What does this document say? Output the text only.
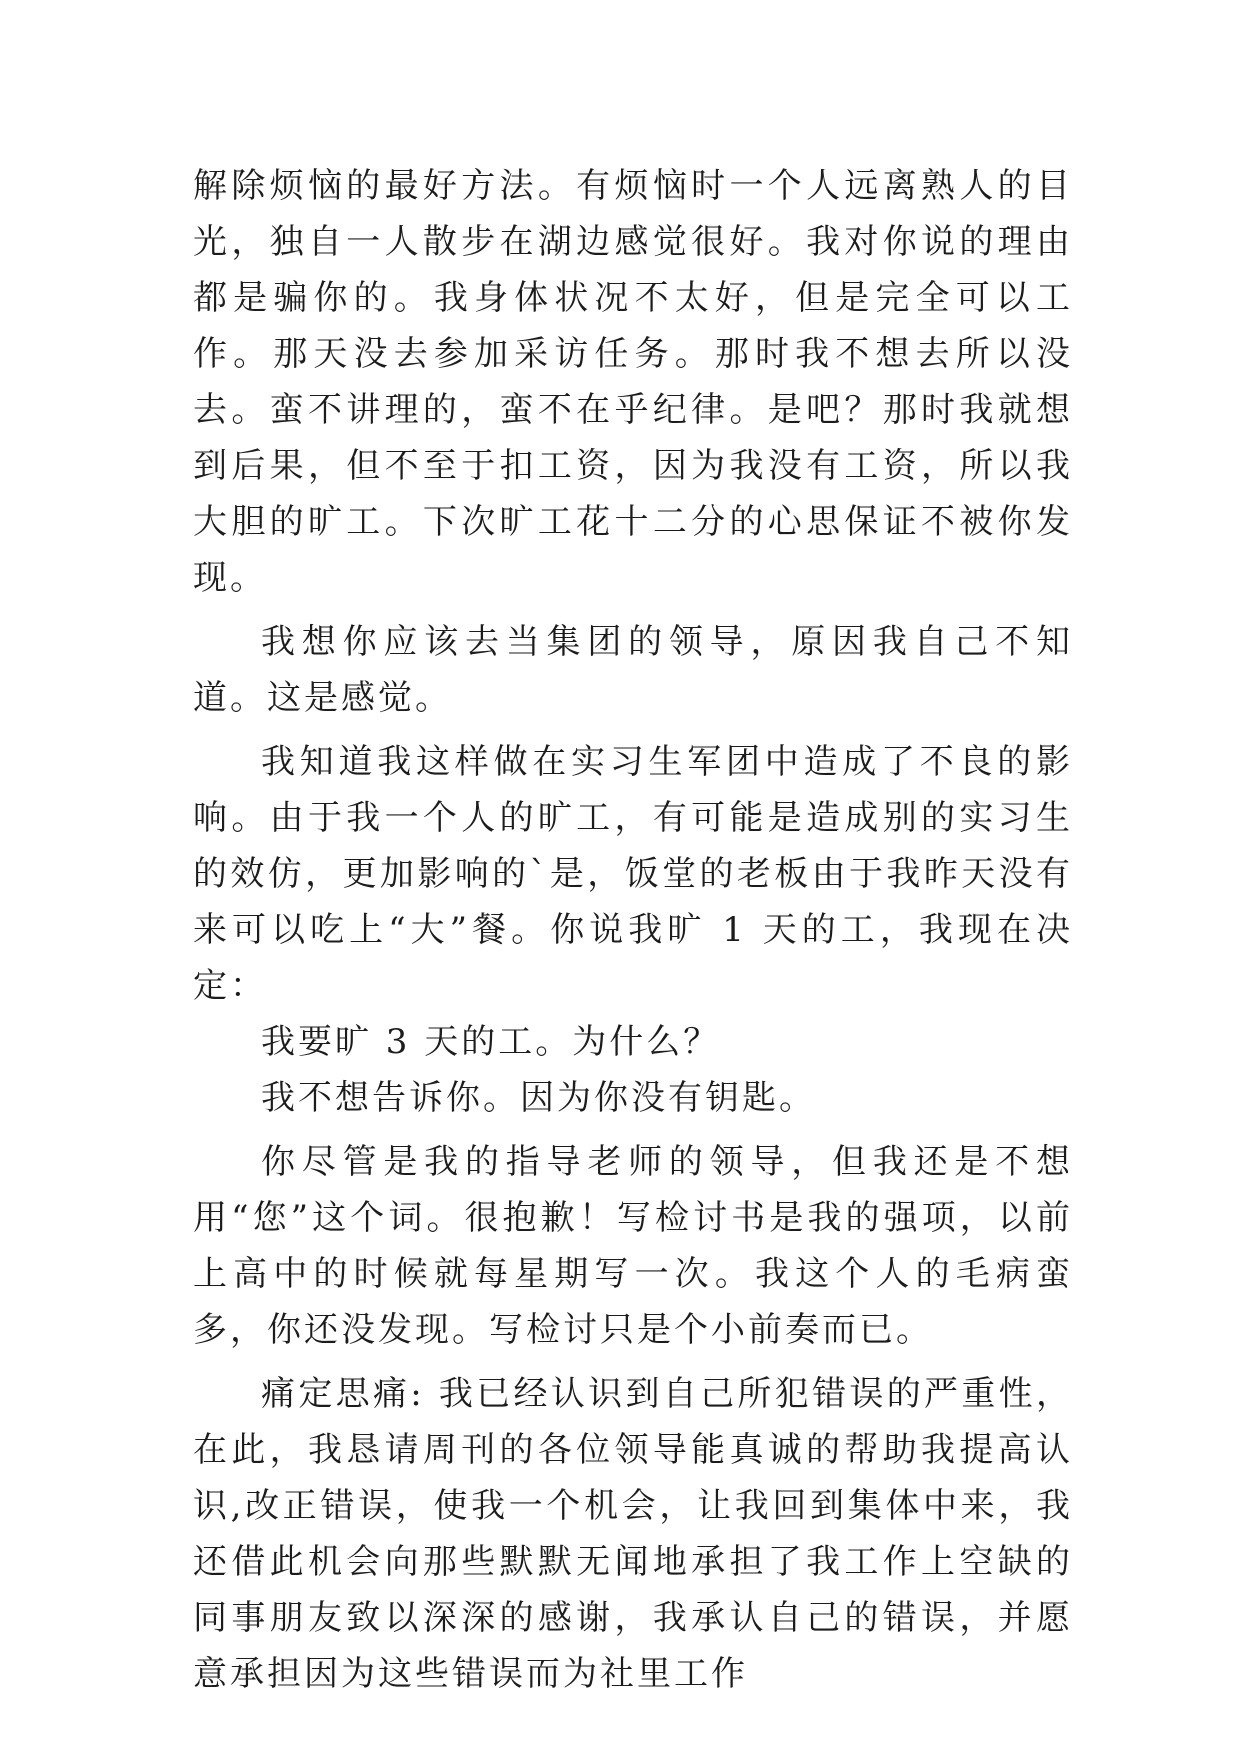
解除烦恼的最好方法。有烦恼时一个人远离熟人的目光，独自一人散步在湖边感觉很好。我对你说的理由都是骗你的。我身体状况不太好，但是完全可以工作。那天没去参加采访任务。那时我不想去所以没去。蛮不讲理的，蛮不在乎纪律。是吧？那时我就想到后果，但不至于扣工资，因为我没有工资，所以我大胆的旷工。下次旷工花十二分的心思保证不被你发现。

我想你应该去当集团的领导，原因我自己不知道。这是感觉。

我知道我这样做在实习生军团中造成了不良的影响。由于我一个人的旷工，有可能是造成别的实习生的效仿，更加影响的`是，饭堂的老板由于我昨天没有来可以吃上“大”餐。你说我旷 1 天的工，我现在决定：

我要旷 3 天的工。为什么？

我不想告诉你。因为你没有钥匙。

你尽管是我的指导老师的领导，但我还是不想用“您”这个词。很抱歉！写检讨书是我的强项，以前上高中的时候就每星期写一次。我这个人的毛病蛮多，你还没发现。写检讨只是个小前奏而已。

痛定思痛: 我已经认识到自己所犯错误的严重性，在此，我恳请周刊的各位领导能真诚的帮助我提高认识,改正错误，使我一个机会，让我回到集体中来，我还借此机会向那些默默无闻地承担了我工作上空缺的同事朋友致以深深的感谢，我承认自己的错误，并愿意承担因为这些错误而为社里工作
